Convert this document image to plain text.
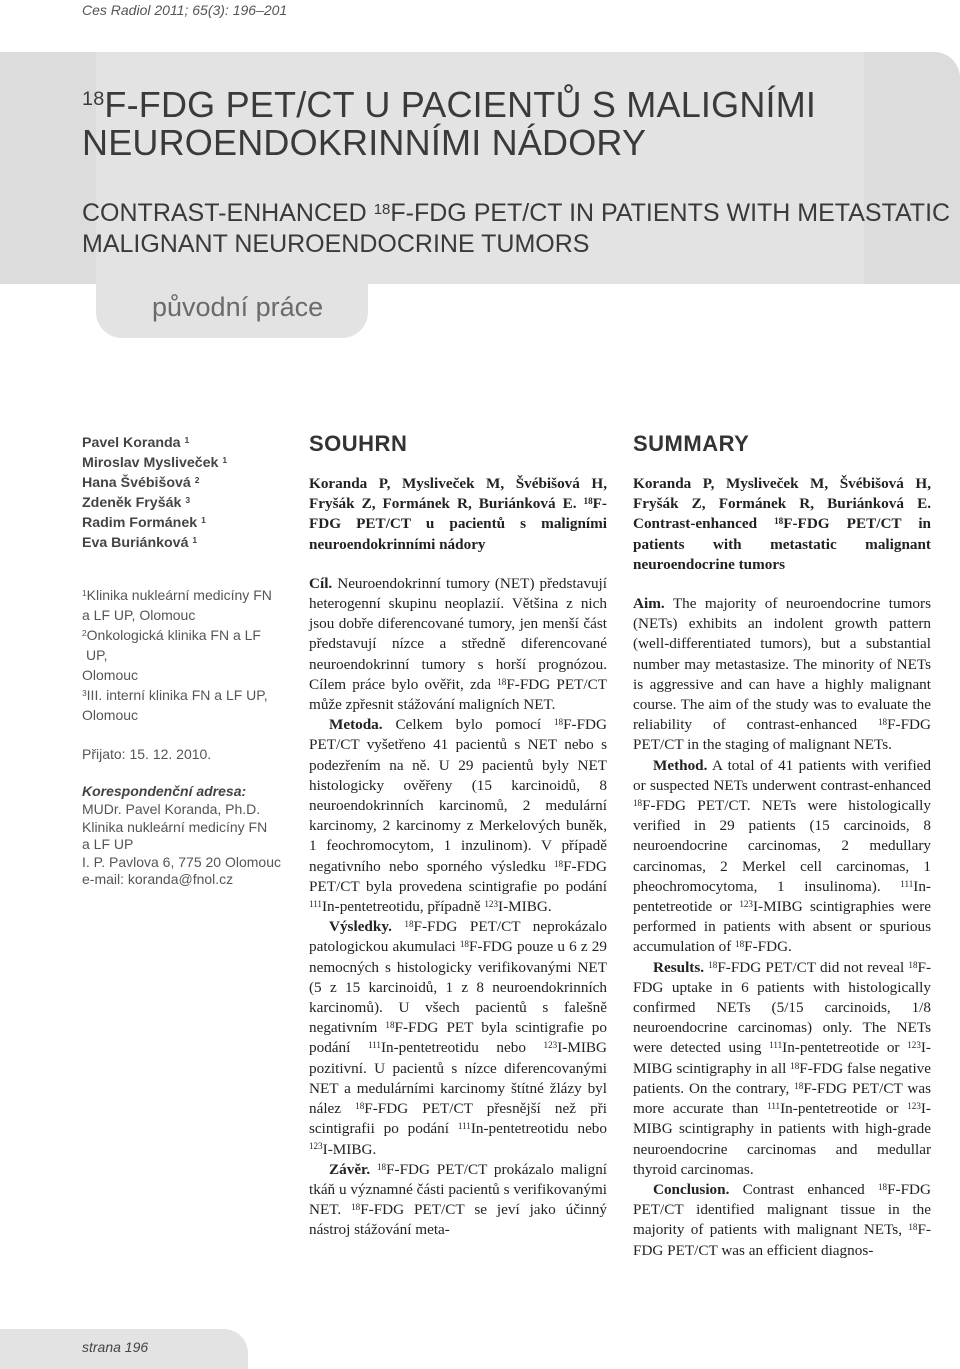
Ces Radiol 2011; 65(3): 196–201
$^{18}$F-FDG PET/CT U PACIENTŮ S MALIGNÍMI
NEUROENDOKRINNÍMI NÁDORY
CONTRAST-ENHANCED $^{18}$F-FDG PET/CT IN PATIENTS WITH METASTATIC
MALIGNANT NEUROENDOCRINE TUMORS
původní práce
Pavel Koranda $^1$
Miroslav Mysliveček $^1$
Hana Švébišová $^2$
Zdeněk Fryšák $^3$
Radim Formánek $^1$
Eva Buriánková $^1$
$^1$Klinika nukleární medicíny FN
a LF UP, Olomouc
$^2$Onkologická klinika FN a LF UP,
Olomouc
$^3$III. interní klinika FN a LF UP,
Olomouc
Přijato: 15. 12. 2010.
Korespondenční adresa:
MUDr. Pavel Koranda, Ph.D.
Klinika nukleární medicíny FN
a LF UP
I. P. Pavlova 6, 775 20 Olomouc
e-mail: koranda@fnol.cz
SOUHRN
Koranda P, Mysliveček M, Švébišová H, Fryšák Z, Formánek R, Buriánková E. $^{18}$F-FDG PET/CT u pacientů s maligními neuroendokrinními nádory

Cíl. Neuroendokrinní tumory (NET) představují heterogenní skupinu neoplazií. Většina z nich jsou dobře diferencované tumory, jen menší část představují nízce a středně diferencované neuroendokrinní tumory s horší prognózou. Cílem práce bylo ověřit, zda $^{18}$F-FDG PET/CT může zpřesnit stážování maligních NET.

Metoda. Celkem bylo pomocí $^{18}$F-FDG PET/CT vyšetřeno 41 pacientů s NET nebo s podezřením na ně. U 29 pacientů byly NET histologicky ověřeny (15 karcinoidů, 8 neuroendokrinních karcinomů, 2 medulární karcinomy, 2 karcinomy z Merkelových buněk, 1 feochromocytom, 1 inzulinom). V případě negativního nebo sporného výsledku $^{18}$F-FDG PET/CT byla provedena scintigrafie po podání $^{111}$In-pentetreotidu, případně $^{123}$I-MIBG.

Výsledky. $^{18}$F-FDG PET/CT neprokázalo patologickou akumulaci $^{18}$F-FDG pouze u 6 z 29 nemocných s histologicky verifikovanými NET (5 z 15 karcinoidů, 1 z 8 neuroendokrinních karcinomů). U všech pacientů s falešně negativním $^{18}$F-FDG PET byla scintigrafie po podání $^{111}$In-pentetreotidu nebo $^{123}$I-MIBG pozitivní. U pacientů s nízce diferencovanými NET a medulárními karcinomy štítné žlázy byl nález $^{18}$F-FDG PET/CT přesnější než při scintigrafii po podání $^{111}$In-pentetreotidu nebo $^{123}$I-MIBG.

Závěr. $^{18}$F-FDG PET/CT prokázalo maligní tkáň u významné části pacientů s verifikovanými NET. $^{18}$F-FDG PET/CT se jeví jako účinný nástroj stážování meta-

SUMMARY
Koranda P, Mysliveček M, Švébišová H, Fryšák Z, Formánek R, Buriánková E. Contrast-enhanced $^{18}$F-FDG PET/CT in patients with metastatic malignant neuroendocrine tumors

Aim. The majority of neuroendocrine tumors (NETs) exhibits an indolent growth pattern (well-differentiated tumors), but a substantial number may metastasize. The minority of NETs is aggressive and can have a highly malignant course. The aim of the study was to evaluate the reliability of contrast-enhanced $^{18}$F-FDG PET/CT in the staging of malignant NETs.

Method. A total of 41 patients with verified or suspected NETs underwent contrast-enhanced $^{18}$F-FDG PET/CT. NETs were histologically verified in 29 patients (15 carcinoids, 8 neuroendocrine carcinomas, 2 medullary carcinomas, 2 Merkel cell carcinomas, 1 pheochromocytoma, 1 insulinoma). $^{111}$In-pentetreotide or $^{123}$I-MIBG scintigraphies were performed in patients with absent or spurious accumulation of $^{18}$F-FDG.

Results. $^{18}$F-FDG PET/CT did not reveal $^{18}$F-FDG uptake in 6 patients with histologically confirmed NETs (5/15 carcinoids, 1/8 neuroendocrine carcinomas) only. The NETs were detected using $^{111}$In-pentetreotide or $^{123}$I-MIBG scintigraphy in all $^{18}$F-FDG false negative patients. On the contrary, $^{18}$F-FDG PET/CT was more accurate than $^{111}$In-pentetreotide or $^{123}$I-MIBG scintigraphy in patients with high-grade neuroendocrine carcinomas and medullar thyroid carcinomas.

Conclusion. Contrast enhanced $^{18}$F-FDG PET/CT identified malignant tissue in the majority of patients with malignant NETs, $^{18}$F-FDG PET/CT was an efficient diagnos-

strana 196
